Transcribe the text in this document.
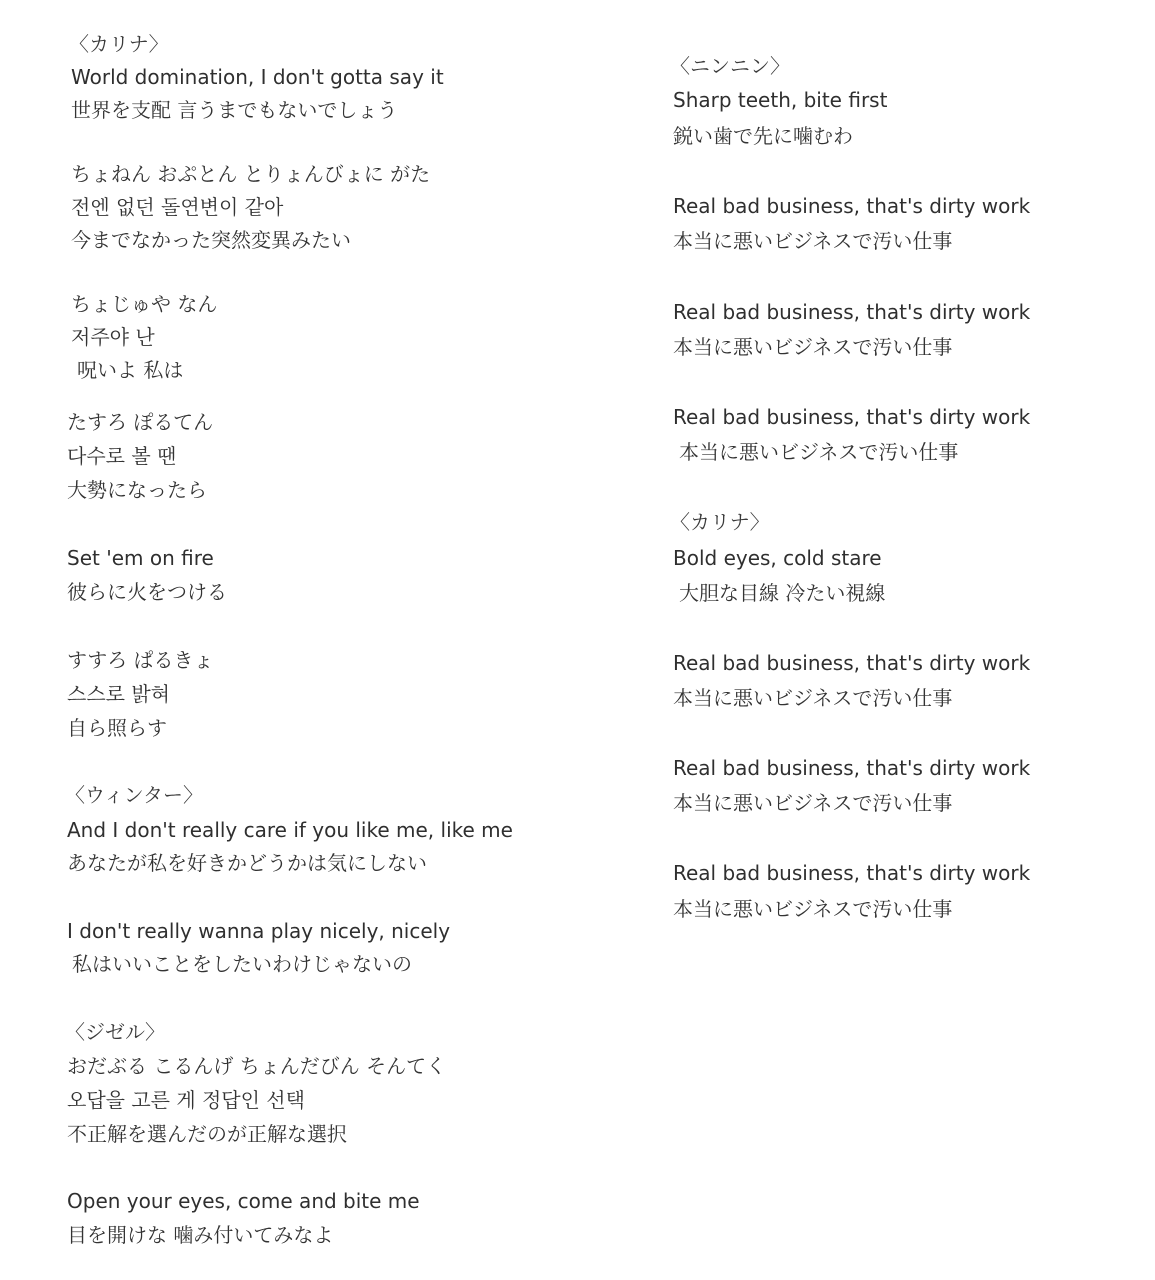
〈カリナ〉
World domination, I don't gotta say it
世界を支配 言うまでもないでしょう
ちょねん おぷとん とりょんびょに がた
전엔 없던 돌연변이 같아
今までなかった突然変異みたい
ちょじゅや なん
저주야 난
呪いよ 私は
たすろ ぽるてん
다수로 볼 땐
大勢になったら
Set 'em on fire
彼らに火をつける
すすろ ぱるきょ
스스로 밝혀
自ら照らす
〈ウィンター〉
And I don't really care if you like me, like me
あなたが私を好きかどうかは気にしない
I don't really wanna play nicely, nicely
私はいいことをしたいわけじゃないの
〈ジゼル〉
おだぶる こるんげ ちょんだびん そんてく
오답을 고른 게 정답인 선택
不正解を選んだのが正解な選択
Open your eyes, come and bite me
目を開けな 噛み付いてみなよ
〈ニンニン〉
Sharp teeth, bite first
鋭い歯で先に噛むわ
Real bad business, that's dirty work
本当に悪いビジネスで汚い仕事
Real bad business, that's dirty work
本当に悪いビジネスで汚い仕事
Real bad business, that's dirty work
本当に悪いビジネスで汚い仕事
〈カリナ〉
Bold eyes, cold stare
大胆な目線 冷たい視線
Real bad business, that's dirty work
本当に悪いビジネスで汚い仕事
Real bad business, that's dirty work
本当に悪いビジネスで汚い仕事
Real bad business, that's dirty work
本当に悪いビジネスで汚い仕事
